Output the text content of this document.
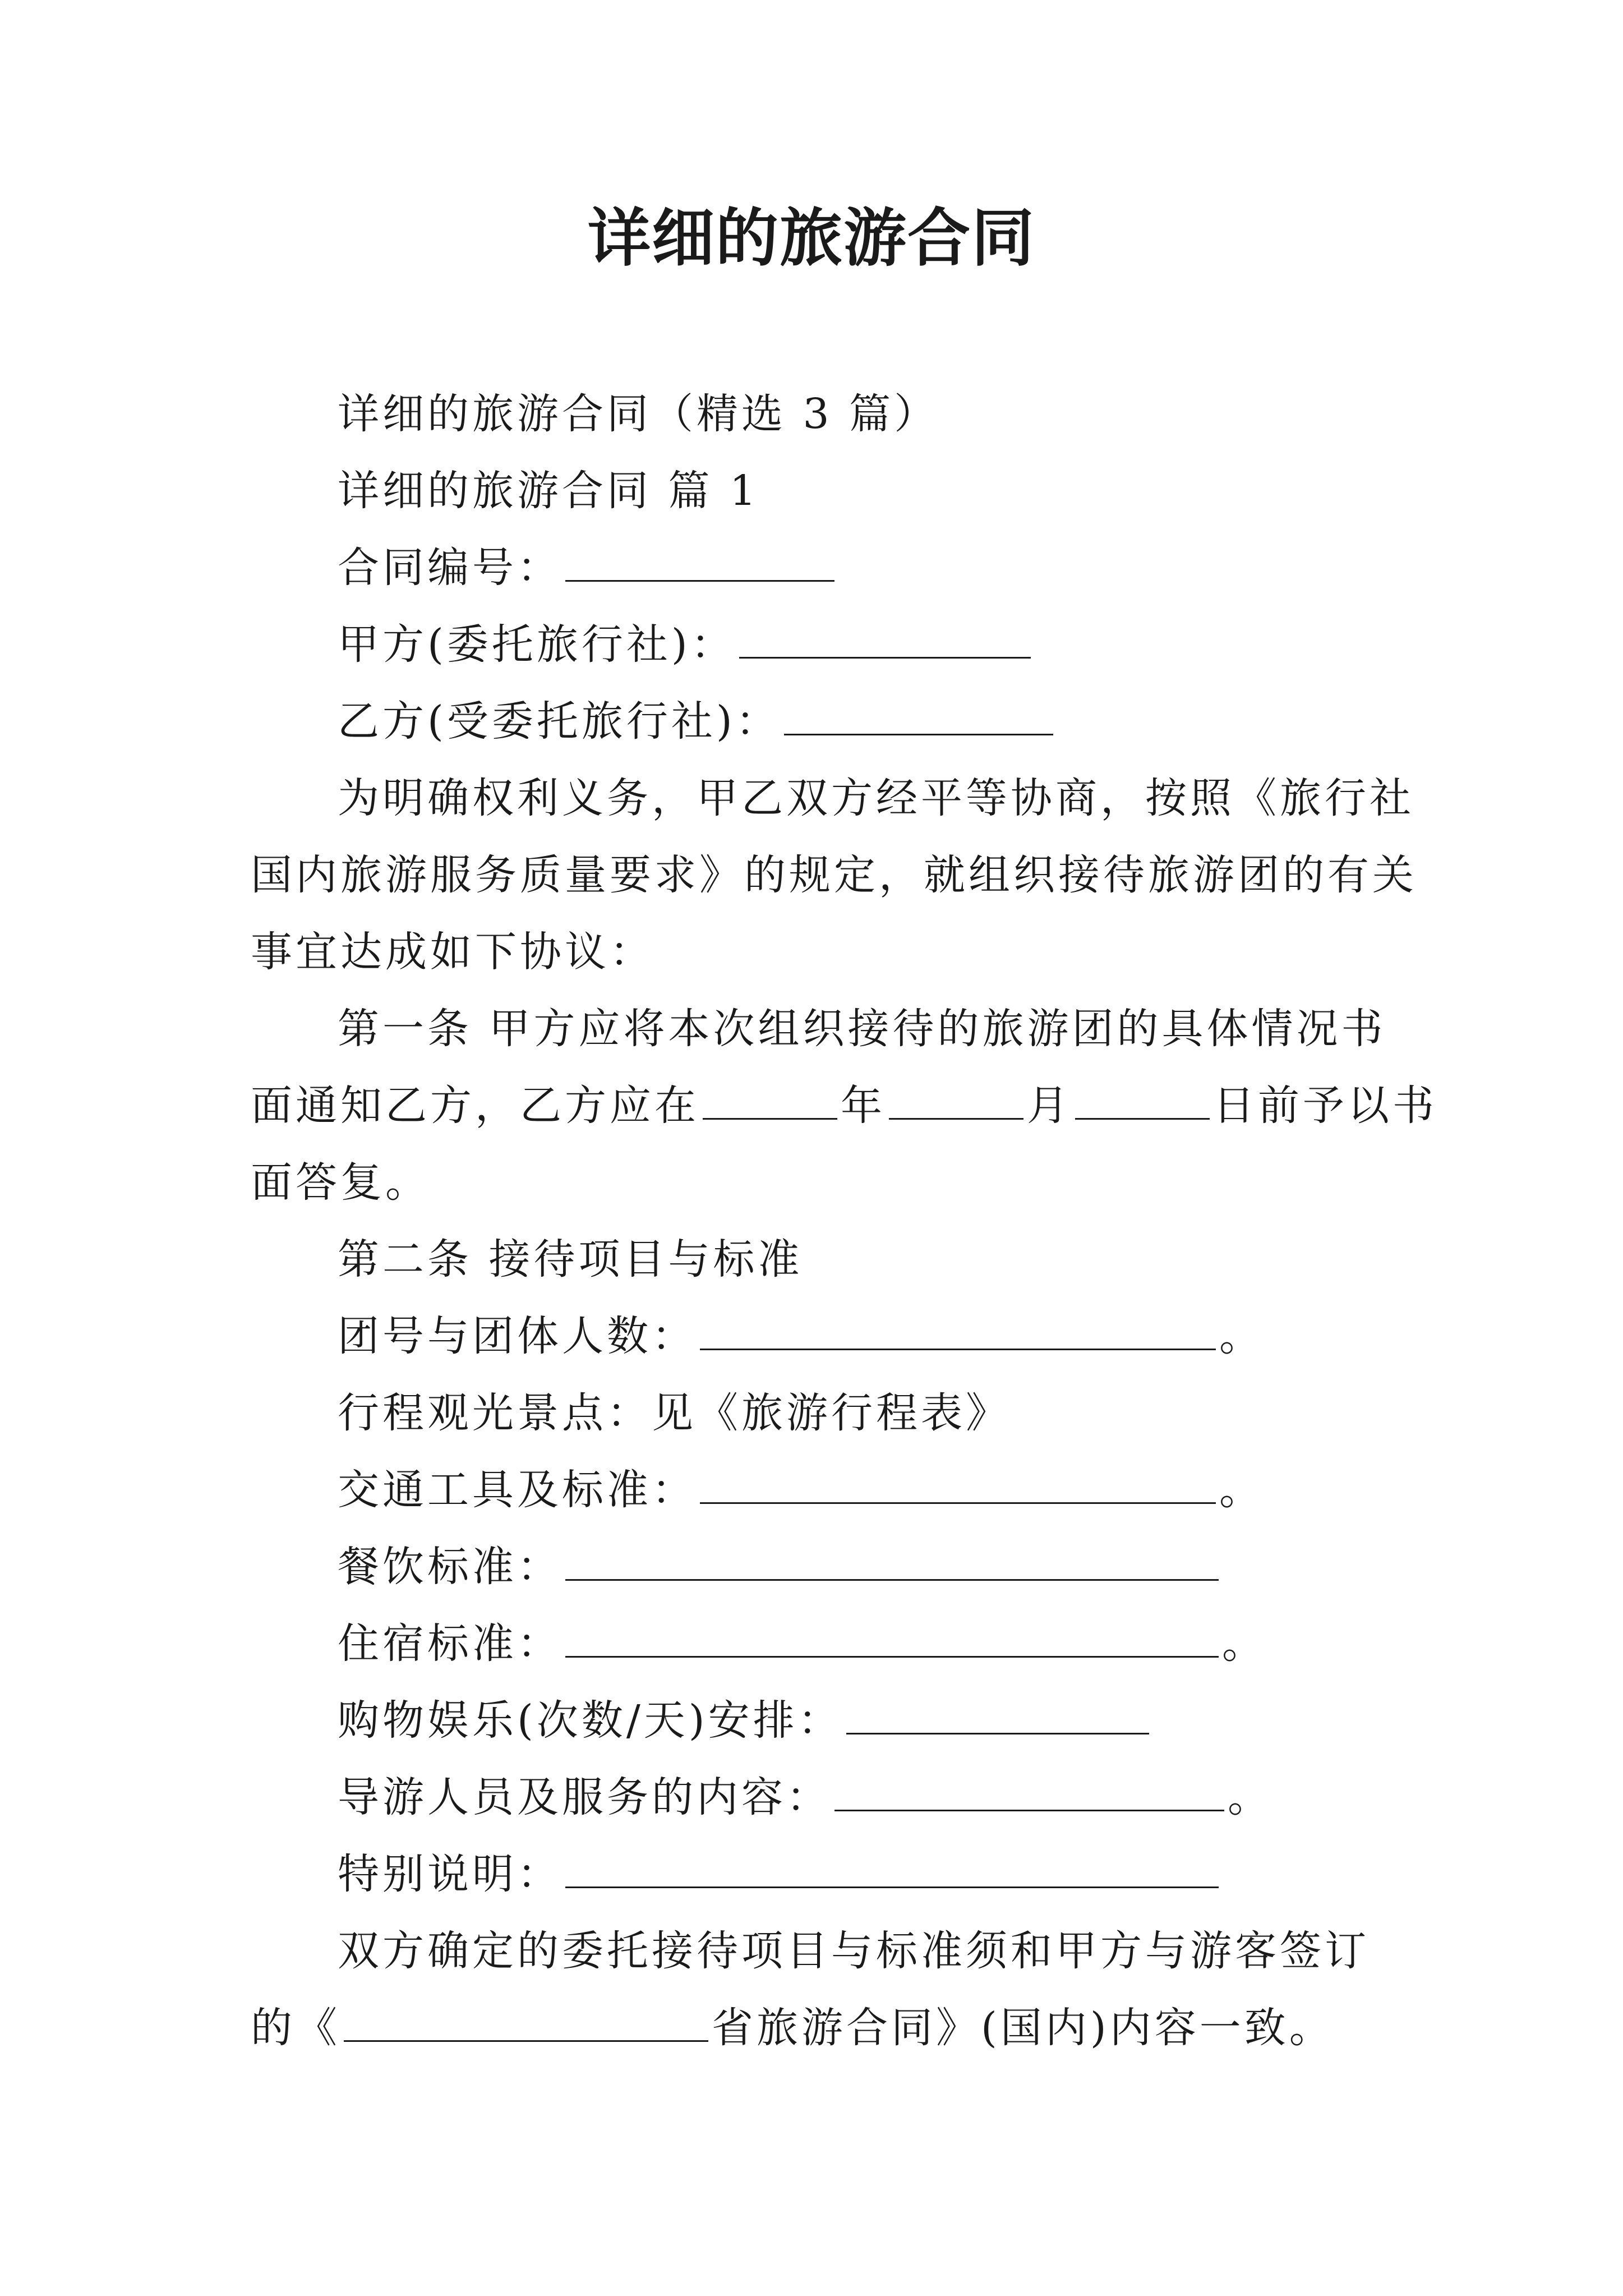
详细的旅游合同

详细的旅游合同（精选 3 篇）

详细的旅游合同 篇 1

合同编号：

甲方(委托旅行社)：

乙方(受委托旅行社)：

为明确权利义务，甲乙双方经平等协商，按照《旅行社

国内旅游服务质量要求》的规定，就组织接待旅游团的有关

事宜达成如下协议：

第一条 甲方应将本次组织接待的旅游团的具体情况书

面通知乙方，乙方应在	年	月	日前予以书

面答复。

第二条 接待项目与标准

团号与团体人数：	。

行程观光景点：见《旅游行程表》

交通工具及标准：	。

餐饮标准：

住宿标准：	。

购物娱乐(次数/天)安排：

导游人员及服务的内容：	。

特别说明：

双方确定的委托接待项目与标准须和甲方与游客签订

的《	省旅游合同》(国内)内容一致。
